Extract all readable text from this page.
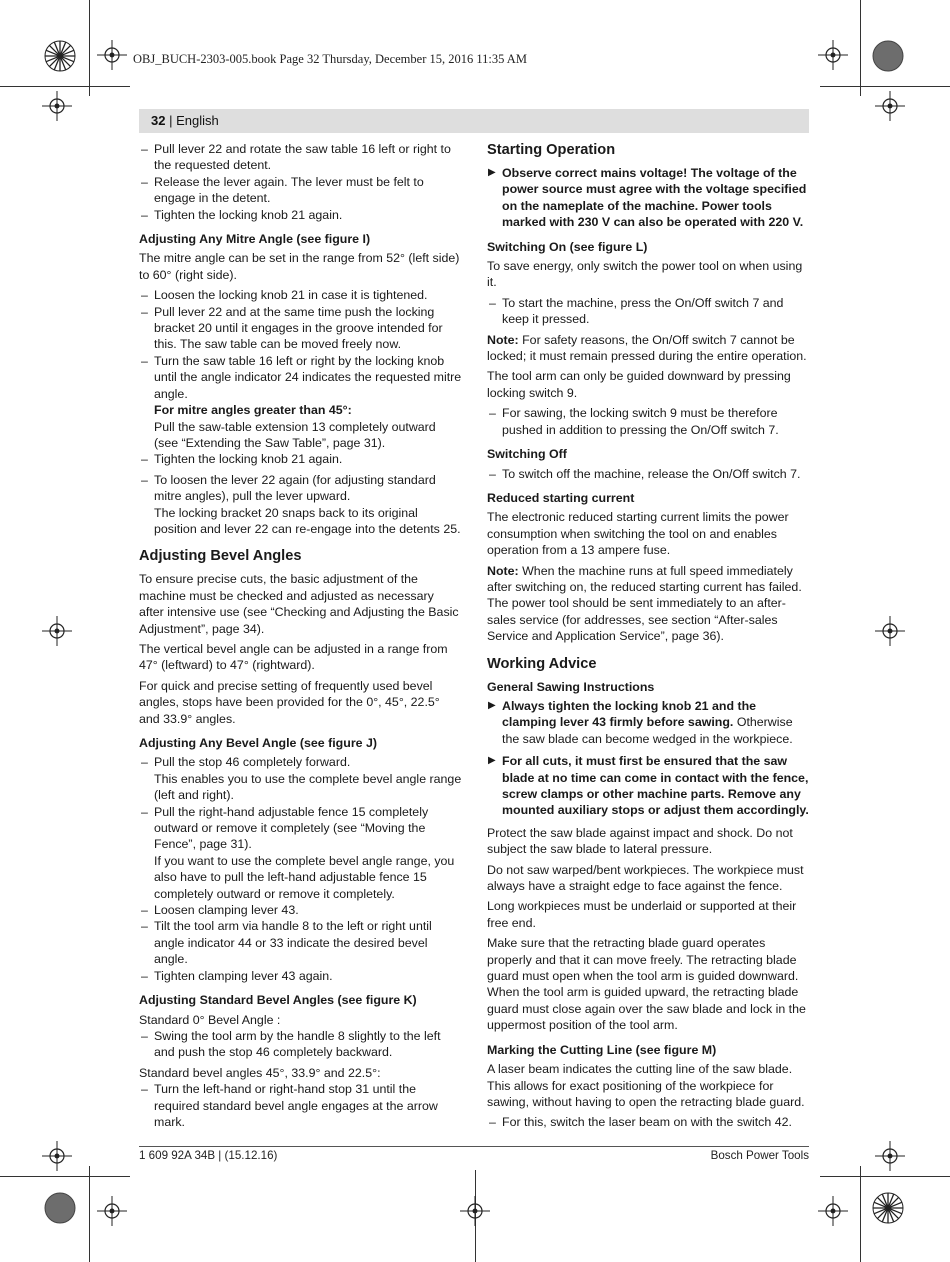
OBJ_BUCH-2303-005.book Page 32 Thursday, December 15, 2016 11:35 AM
32 | English
– Pull lever 22 and rotate the saw table 16 left or right to the requested detent.
– Release the lever again. The lever must be felt to engage in the detent.
– Tighten the locking knob 21 again.
Adjusting Any Mitre Angle (see figure I)
The mitre angle can be set in the range from 52° (left side) to 60° (right side).
– Loosen the locking knob 21 in case it is tightened.
– Pull lever 22 and at the same time push the locking bracket 20 until it engages in the groove intended for this. The saw table can be moved freely now.
– Turn the saw table 16 left or right by the locking knob until the angle indicator 24 indicates the requested mitre angle.
For mitre angles greater than 45°:
Pull the saw-table extension 13 completely outward (see “Extending the Saw Table”, page 31).
– Tighten the locking knob 21 again.
– To loosen the lever 22 again (for adjusting standard mitre angles), pull the lever upward.
The locking bracket 20 snaps back to its original position and lever 22 can re-engage into the detents 25.
Adjusting Bevel Angles
To ensure precise cuts, the basic adjustment of the machine must be checked and adjusted as necessary after intensive use (see “Checking and Adjusting the Basic Adjustment”, page 34).
The vertical bevel angle can be adjusted in a range from 47° (leftward) to 47° (rightward).
For quick and precise setting of frequently used bevel angles, stops have been provided for the 0°, 45°, 22.5° and 33.9° angles.
Adjusting Any Bevel Angle (see figure J)
– Pull the stop 46 completely forward.
This enables you to use the complete bevel angle range (left and right).
– Pull the right-hand adjustable fence 15 completely outward or remove it completely (see “Moving the Fence”, page 31).
If you want to use the complete bevel angle range, you also have to pull the left-hand adjustable fence 15 completely outward or remove it completely.
– Loosen clamping lever 43.
– Tilt the tool arm via handle 8 to the left or right until angle indicator 44 or 33 indicate the desired bevel angle.
– Tighten clamping lever 43 again.
Adjusting Standard Bevel Angles (see figure K)
Standard 0° Bevel Angle :
– Swing the tool arm by the handle 8 slightly to the left and push the stop 46 completely backward.
Standard bevel angles 45°, 33.9° and 22.5°:
– Turn the left-hand or right-hand stop 31 until the required standard bevel angle engages at the arrow mark.
Starting Operation
▶ Observe correct mains voltage! The voltage of the power source must agree with the voltage specified on the nameplate of the machine. Power tools marked with 230 V can also be operated with 220 V.
Switching On (see figure L)
To save energy, only switch the power tool on when using it.
– To start the machine, press the On/Off switch 7 and keep it pressed.
Note: For safety reasons, the On/Off switch 7 cannot be locked; it must remain pressed during the entire operation.
The tool arm can only be guided downward by pressing locking switch 9.
– For sawing, the locking switch 9 must be therefore pushed in addition to pressing the On/Off switch 7.
Switching Off
– To switch off the machine, release the On/Off switch 7.
Reduced starting current
The electronic reduced starting current limits the power consumption when switching the tool on and enables operation from a 13 ampere fuse.
Note: When the machine runs at full speed immediately after switching on, the reduced starting current has failed. The power tool should be sent immediately to an after-sales service (for addresses, see section “After-sales Service and Application Service”, page 36).
Working Advice
General Sawing Instructions
▶ Always tighten the locking knob 21 and the clamping lever 43 firmly before sawing. Otherwise the saw blade can become wedged in the workpiece.
▶ For all cuts, it must first be ensured that the saw blade at no time can come in contact with the fence, screw clamps or other machine parts. Remove any mounted auxiliary stops or adjust them accordingly.
Protect the saw blade against impact and shock. Do not subject the saw blade to lateral pressure.
Do not saw warped/bent workpieces. The workpiece must always have a straight edge to face against the fence.
Long workpieces must be underlaid or supported at their free end.
Make sure that the retracting blade guard operates properly and that it can move freely. The retracting blade guard must open when the tool arm is guided downward. When the tool arm is guided upward, the retracting blade guard must close again over the saw blade and lock in the uppermost position of the tool arm.
Marking the Cutting Line (see figure M)
A laser beam indicates the cutting line of the saw blade. This allows for exact positioning of the workpiece for sawing, without having to open the retracting blade guard.
– For this, switch the laser beam on with the switch 42.
1 609 92A 34B | (15.12.16)	Bosch Power Tools
